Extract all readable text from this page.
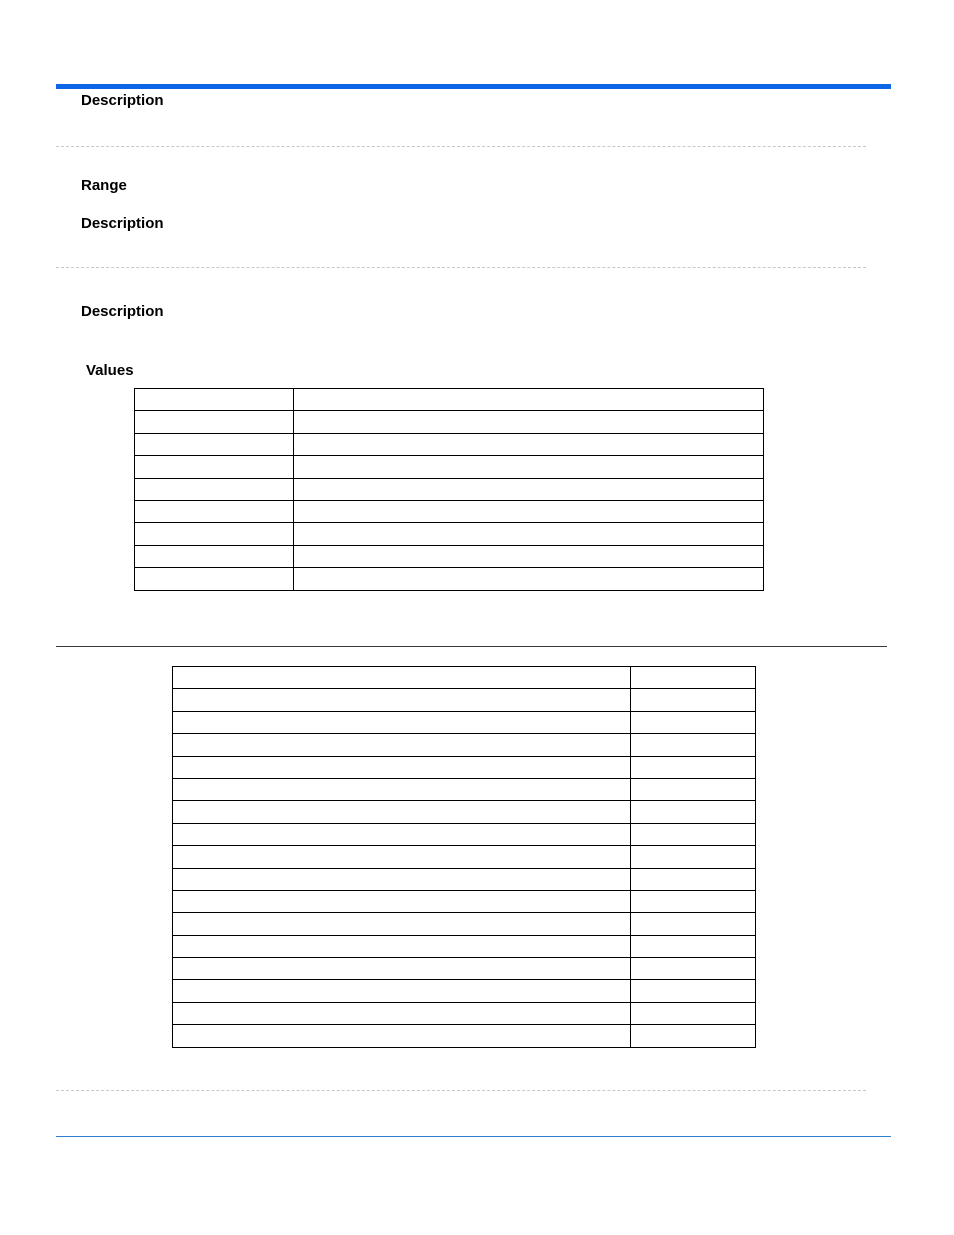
Description
Range
Description
Description
Values
